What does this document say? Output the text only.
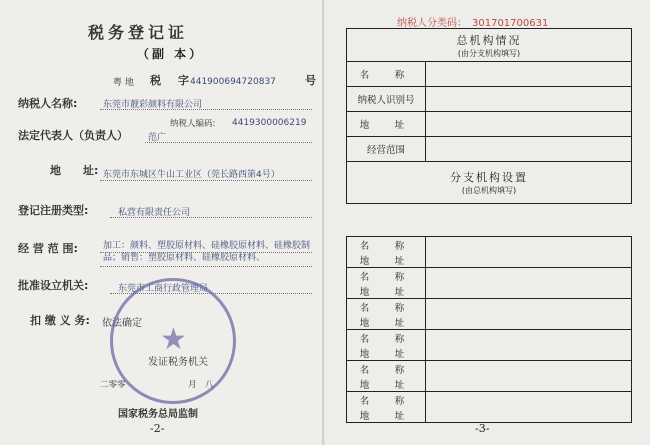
税务登记证
（副 本）
粤 地 税 字 441900694720837	号
纳税人名称:	东莞市靓彩颜料有限公司
纳税人编码: 4419300006219
法定代表人（负责人） 范广
地　　址: 东莞市东城区牛山工业区（莞长路西第4号）
登记注册类型:	私营有限责任公司
经 营 范 围:	加工：颜料、塑胶原材料、硅橡胶原材料、硅橡胶制品；销售：塑胶原材料、硅橡胶原材料、
批准设立机关:	东莞市工商行政管理局
扣 缴 义 务: 依法确定 ★
发证税务机关
二零零	月 八
国家税务总局监制
-2-
纳税人分类码：　301701700631
总机构情况
(由分支机构填写)	

名　称	
纳税人识别号	
地　址	
经营范围	

分支机构设置
(由总机构填写)	
名　称	
地　址	
名　称	
地　址	
名　称	
地　址	
名　称	
地　址	
名　称	
地　址	
名　称	
地　址	
-3-
